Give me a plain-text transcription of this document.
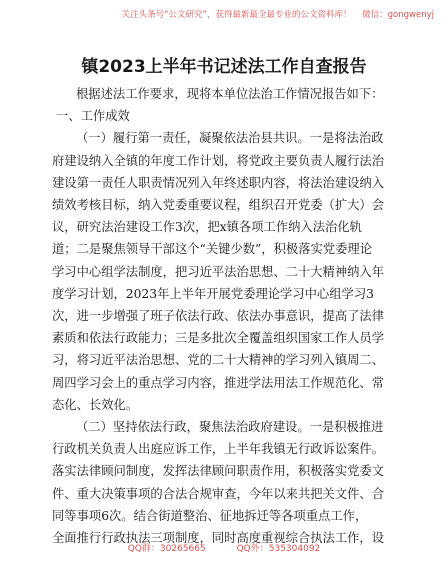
关注头条号“公文研究”，获得最新最全最专业的公文资料库！ 微信：gongwenyj
镇2023上半年书记述法工作自查报告
根据述法工作要求，现将本单位法治工作情况报告如下：
一、工作成效
（一）履行第一责任，凝聚依法治县共识。一是将法治政
府建设纳入全镇的年度工作计划，将党政主要负责人履行法治
建设第一责任人职责情况列入年终述职内容，将法治建设纳入
绩效考核目标，纳入党委重要议程，组织召开党委（扩大）会
议，研究法治建设工作3次，把x镇各项工作纳入法治化轨
道；二是聚焦领导干部这个“关键少数”，积极落实党委理论
学习中心组学法制度，把习近平法治思想、二十大精神纳入年
度学习计划，2023年上半年开展党委理论学习中心组学习3
次，进一步增强了班子依法行政、依法办事意识，提高了法律
素质和依法行政能力；三是多批次全覆盖组织国家工作人员学
习，将习近平法治思想、党的二十大精神的学习列入镇周二、
周四学习会上的重点学习内容，推进学法用法工作规范化、常
态化、长效化。
（二）坚持依法行政，聚焦法治政府建设。一是积极推进
行政机关负责人出庭应诉工作，上半年我镇无行政诉讼案件。
落实法律顾问制度，发挥法律顾问职责作用，积极落实党委文
件、重大决策事项的合法合规审查，今年以来共把关文件、合
同等事项6次。结合街道整治、征地拆迁等各项重点工作，
全面推行行政执法三项制度，同时高度重视综合执法工作，设
QQ群：30265665	QQ外：535304092
